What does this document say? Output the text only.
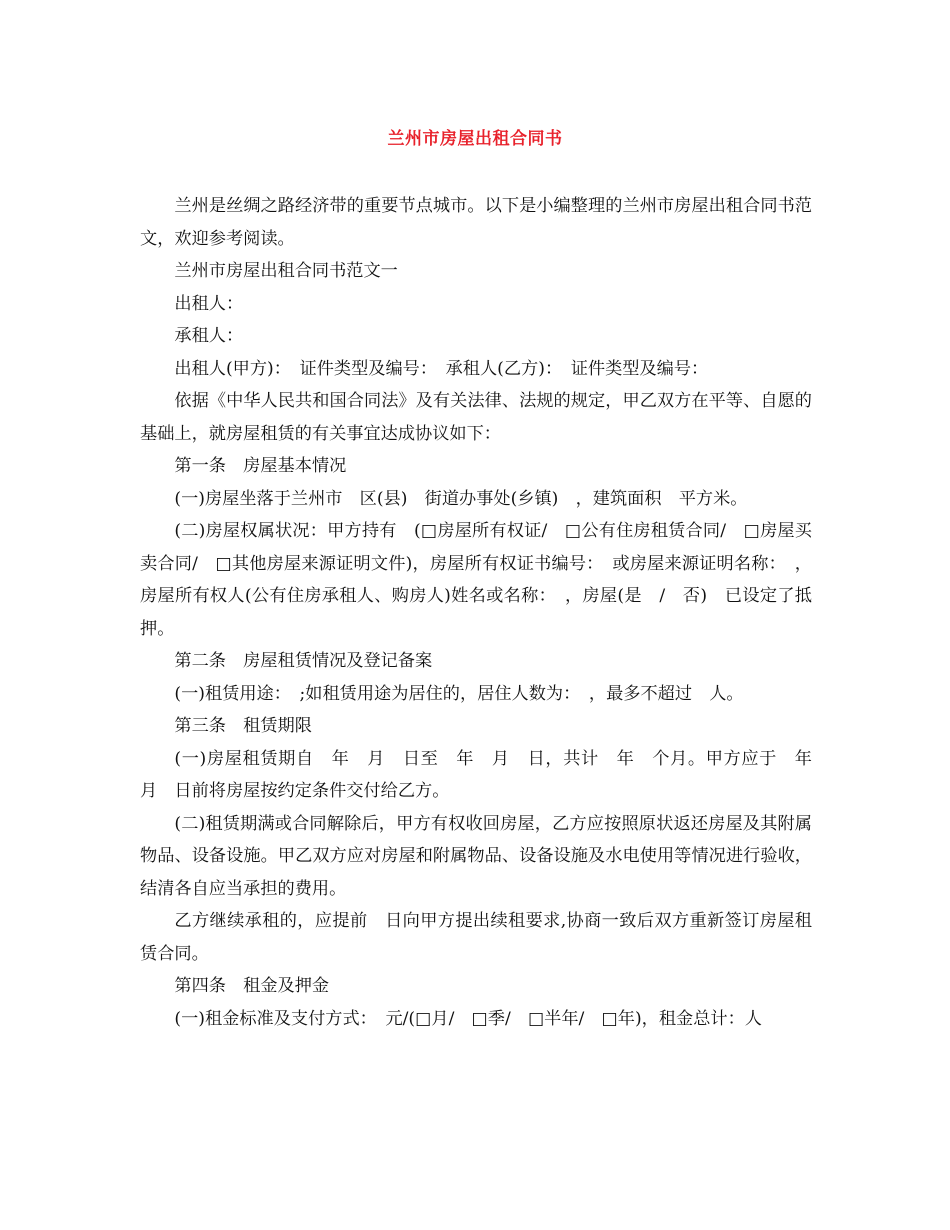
兰州市房屋出租合同书

兰州是丝绸之路经济带的重要节点城市。以下是小编整理的兰州市房屋出租合同书范文，欢迎参考阅读。

兰州市房屋出租合同书范文一

出租人：

承租人：

出租人(甲方)：　证件类型及编号：　承租人(乙方)：　证件类型及编号：

依据《中华人民共和国合同法》及有关法律、法规的规定，甲乙双方在平等、自愿的基础上，就房屋租赁的有关事宜达成协议如下：

第一条　房屋基本情况

(一)房屋坐落于兰州市　区(县)　街道办事处(乡镇)　，建筑面积　平方米。

(二)房屋权属状况：甲方持有　(□房屋所有权证/　□公有住房租赁合同/　□房屋买卖合同/　□其他房屋来源证明文件)，房屋所有权证书编号：　或房屋来源证明名称：　，房屋所有权人(公有住房承租人、购房人)姓名或名称：　，房屋(是　/　否)　已设定了抵押。

第二条　房屋租赁情况及登记备案

(一)租赁用途：　;如租赁用途为居住的，居住人数为：　，最多不超过　人。

第三条　租赁期限

(一)房屋租赁期自　年　月　日至　年　月　日，共计　年　个月。甲方应于　年　月　日前将房屋按约定条件交付给乙方。

(二)租赁期满或合同解除后，甲方有权收回房屋，乙方应按照原状返还房屋及其附属物品、设备设施。甲乙双方应对房屋和附属物品、设备设施及水电使用等情况进行验收，结清各自应当承担的费用。

乙方继续承租的，应提前　日向甲方提出续租要求,协商一致后双方重新签订房屋租赁合同。

第四条　租金及押金

(一)租金标准及支付方式：　元/(□月/　□季/　□半年/　□年)，租金总计：人
